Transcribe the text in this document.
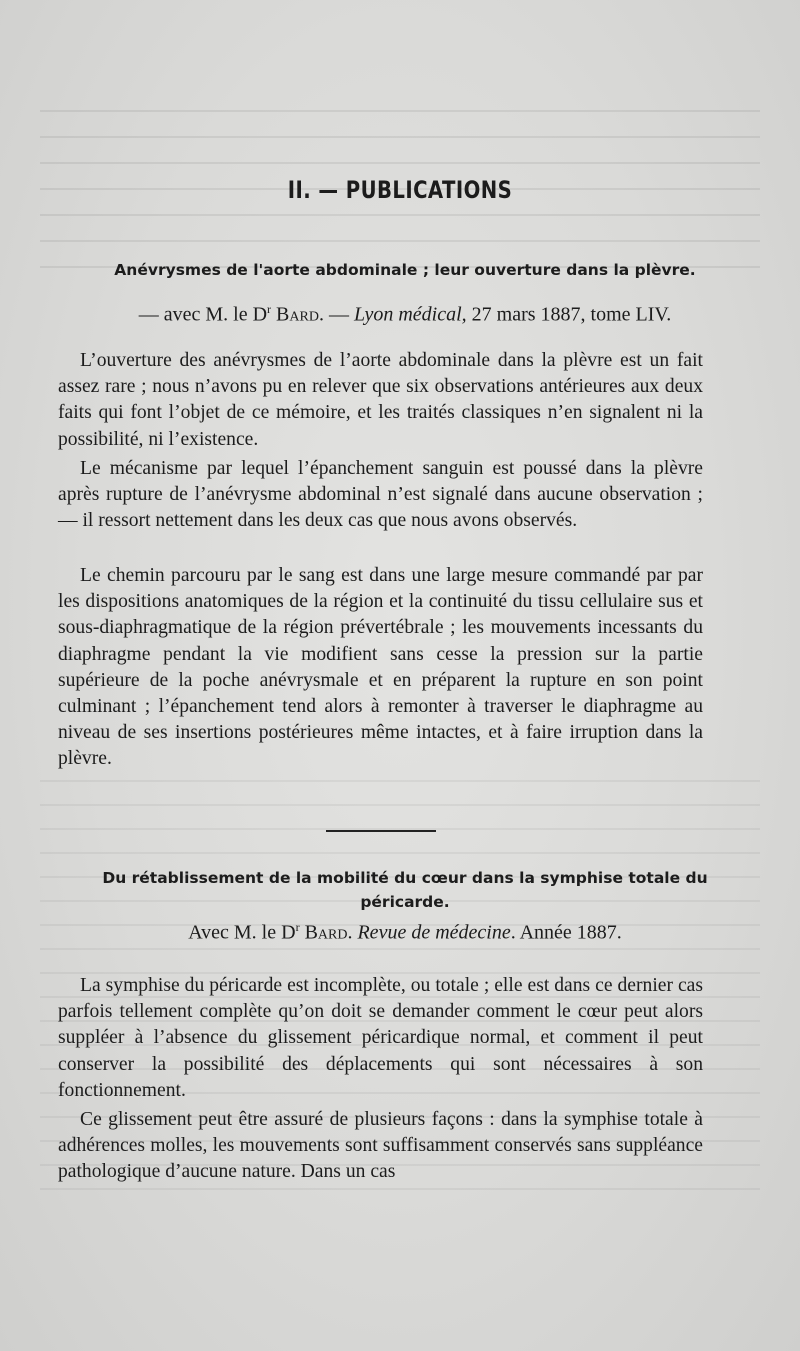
II. — PUBLICATIONS
Anévrysmes de l'aorte abdominale ; leur ouverture dans la plèvre.
— avec M. le $D^r$ Bard. — Lyon médical, 27 mars 1887, tome LIV.

L’ouverture des anévrysmes de l’aorte abdominale dans la plèvre est un fait assez rare ; nous n’avons pu en relever que six observations antérieures aux deux faits qui font l’objet de ce mémoire, et les traités classiques n’en signalent ni la possibilité, ni l’existence.

Le mécanisme par lequel l’épanchement sanguin est poussé dans la plèvre après rupture de l’anévrysme abdominal n’est signalé dans aucune observation ; — il ressort nettement dans les deux cas que nous avons observés.

Le chemin parcouru par le sang est dans une large mesure commandé par par les dispositions anatomiques de la région et la continuité du tissu cellulaire sus et sous-diaphragmatique de la région prévertébrale ; les mouvements incessants du diaphragme pendant la vie modifient sans cesse la pression sur la partie supérieure de la poche anévrysmale et en préparent la rupture en son point culminant ; l’épanchement tend alors à remonter à traverser le diaphragme au niveau de ses insertions postérieures même intactes, et à faire irruption dans la plèvre.

Du rétablissement de la mobilité du cœur dans la symphise totale du péricarde.
Avec M. le $D^r$ Bard. Revue de médecine. Année 1887.

La symphise du péricarde est incomplète, ou totale ; elle est dans ce dernier cas parfois tellement complète qu’on doit se demander comment le cœur peut alors suppléer à l’absence du glissement péricardique normal, et comment il peut conserver la possibilité des déplacements qui sont nécessaires à son fonctionnement.

Ce glissement peut être assuré de plusieurs façons : dans la symphise totale à adhérences molles, les mouvements sont suffisamment conservés sans suppléance pathologique d’aucune nature. Dans un cas
